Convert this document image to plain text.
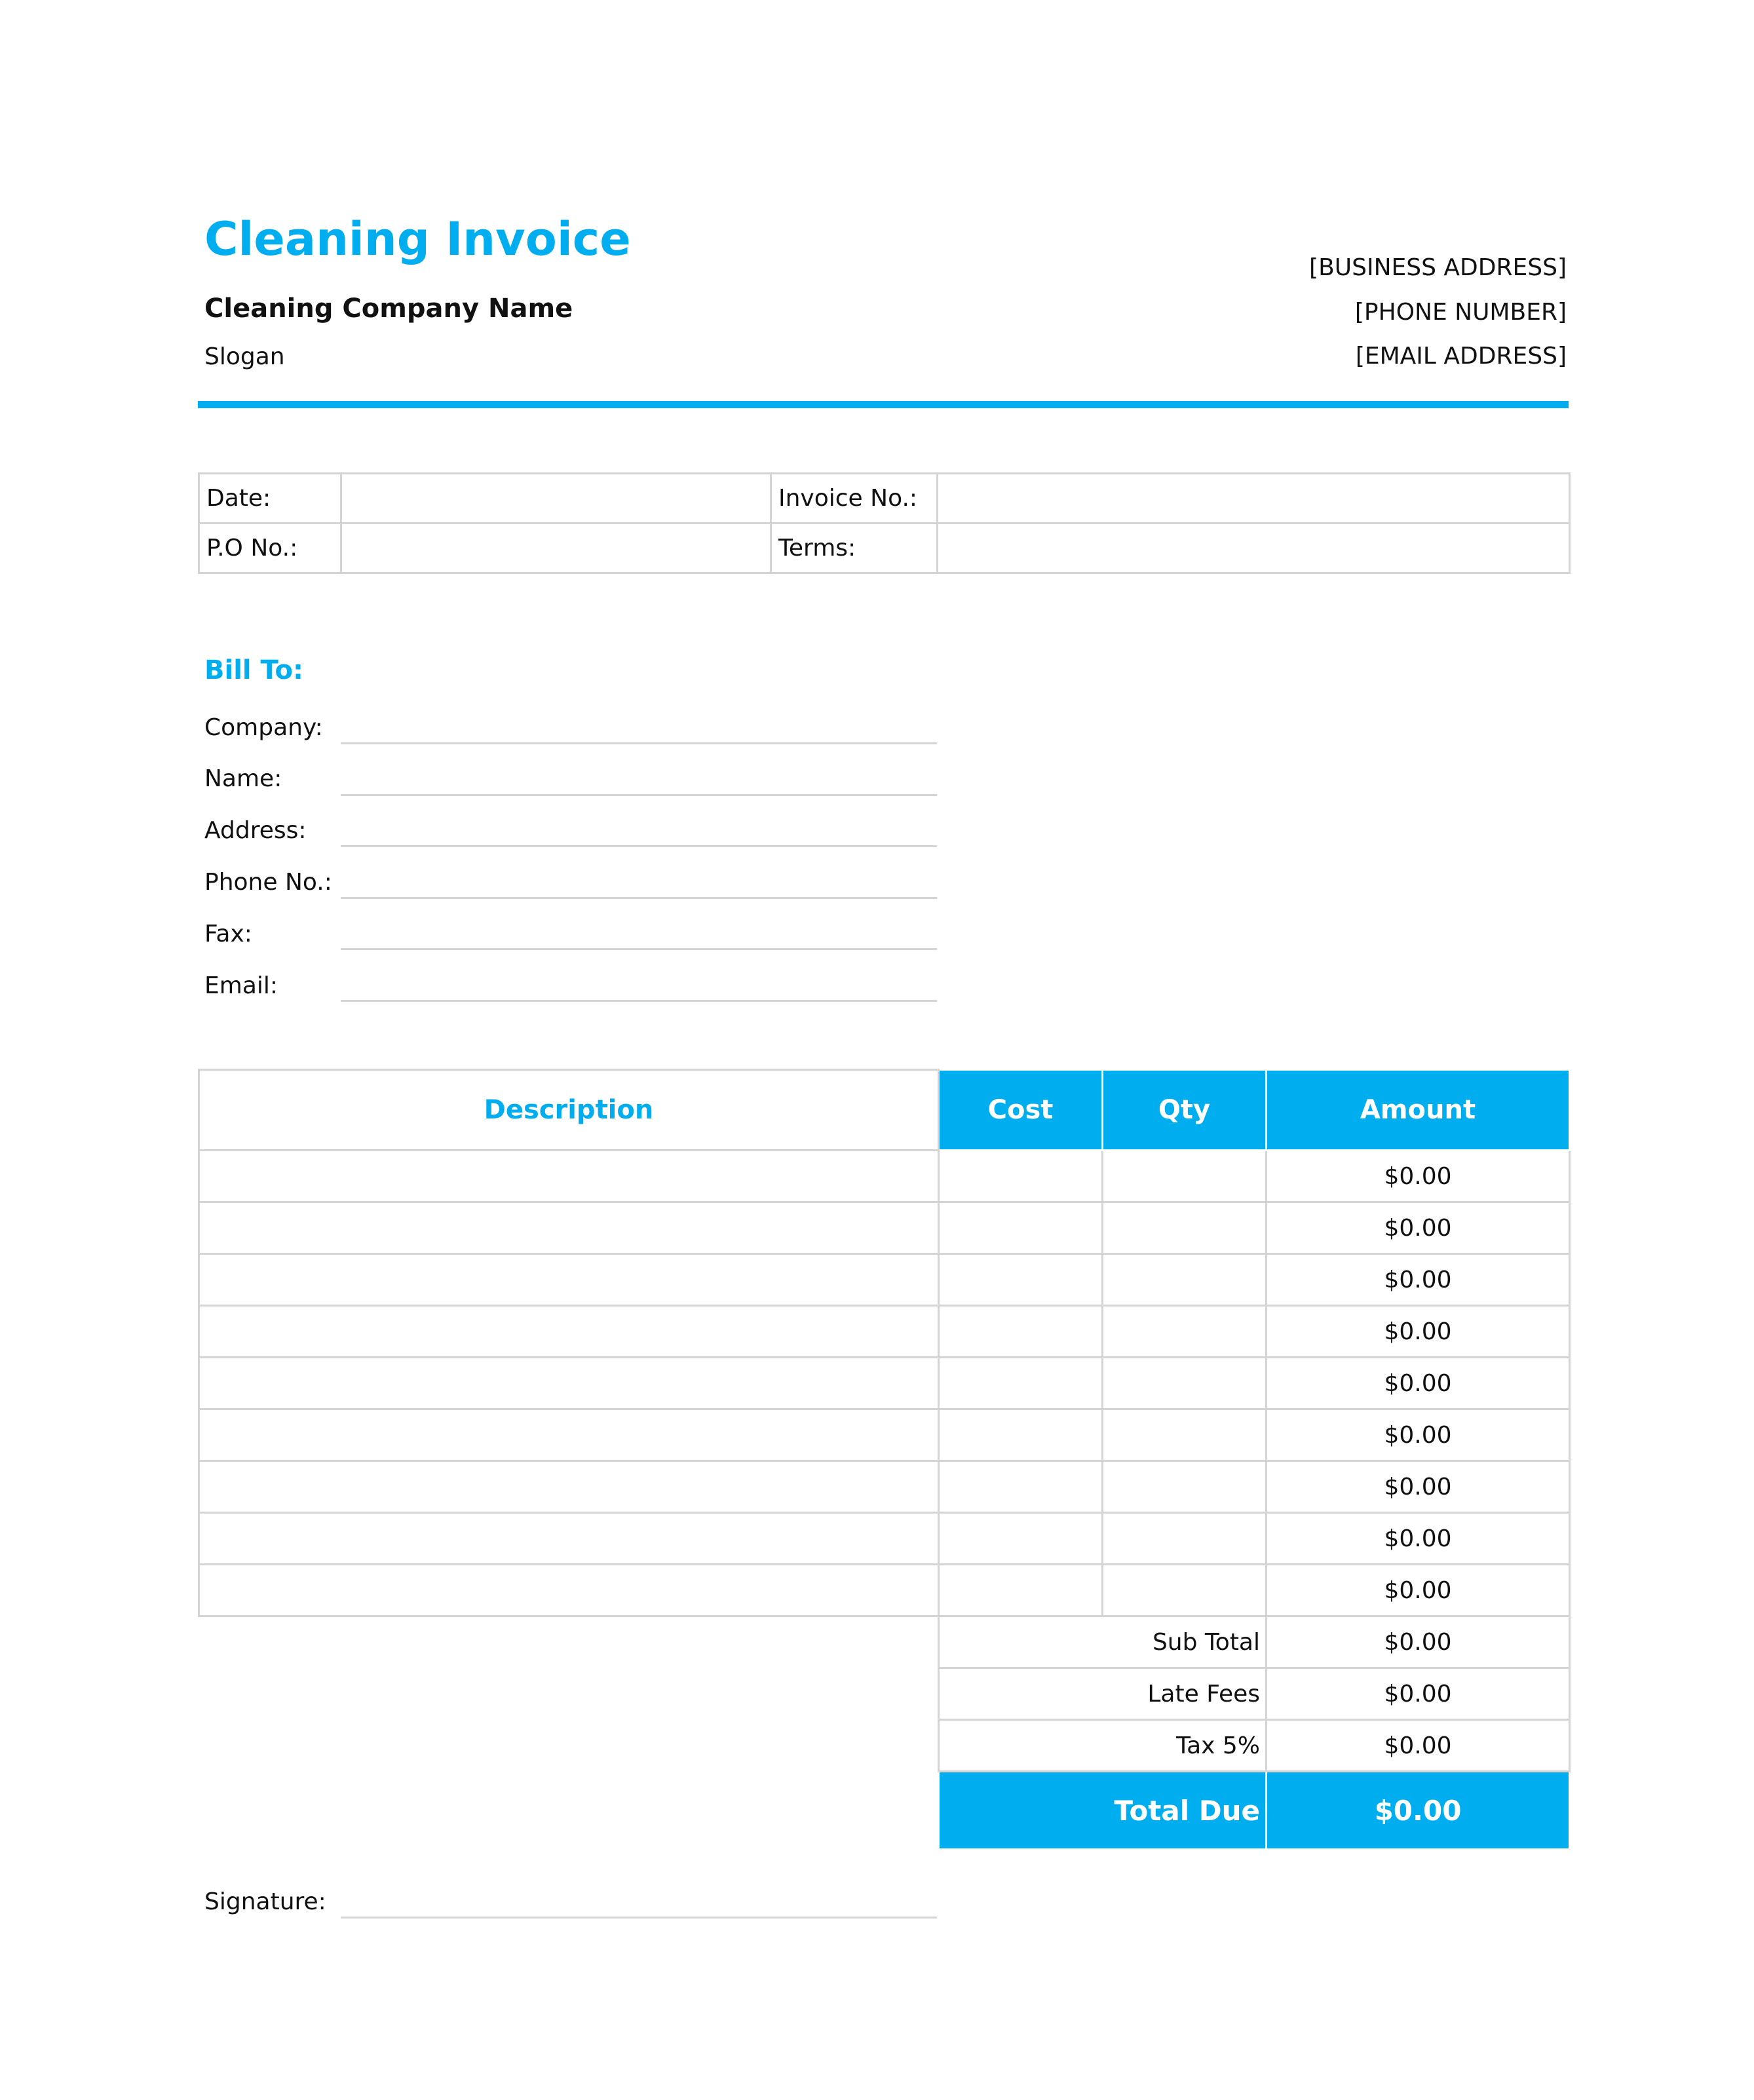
Cleaning Invoice
Cleaning Company Name
Slogan
[BUSINESS ADDRESS]
[PHONE NUMBER]
[EMAIL ADDRESS]
Date:		Invoice No.:	
P.O No.:		Terms:	
Bill To:
Company:
Name:
Address:
Phone No.:
Fax:
Email:
Description	Cost	Qty	Amount
			$0.00
			$0.00
			$0.00
			$0.00
			$0.00
			$0.00
			$0.00
			$0.00
			$0.00
	Sub Total		$0.00
	Late Fees		$0.00
	Tax 5%		$0.00
	Total Due		$0.00
Signature:
